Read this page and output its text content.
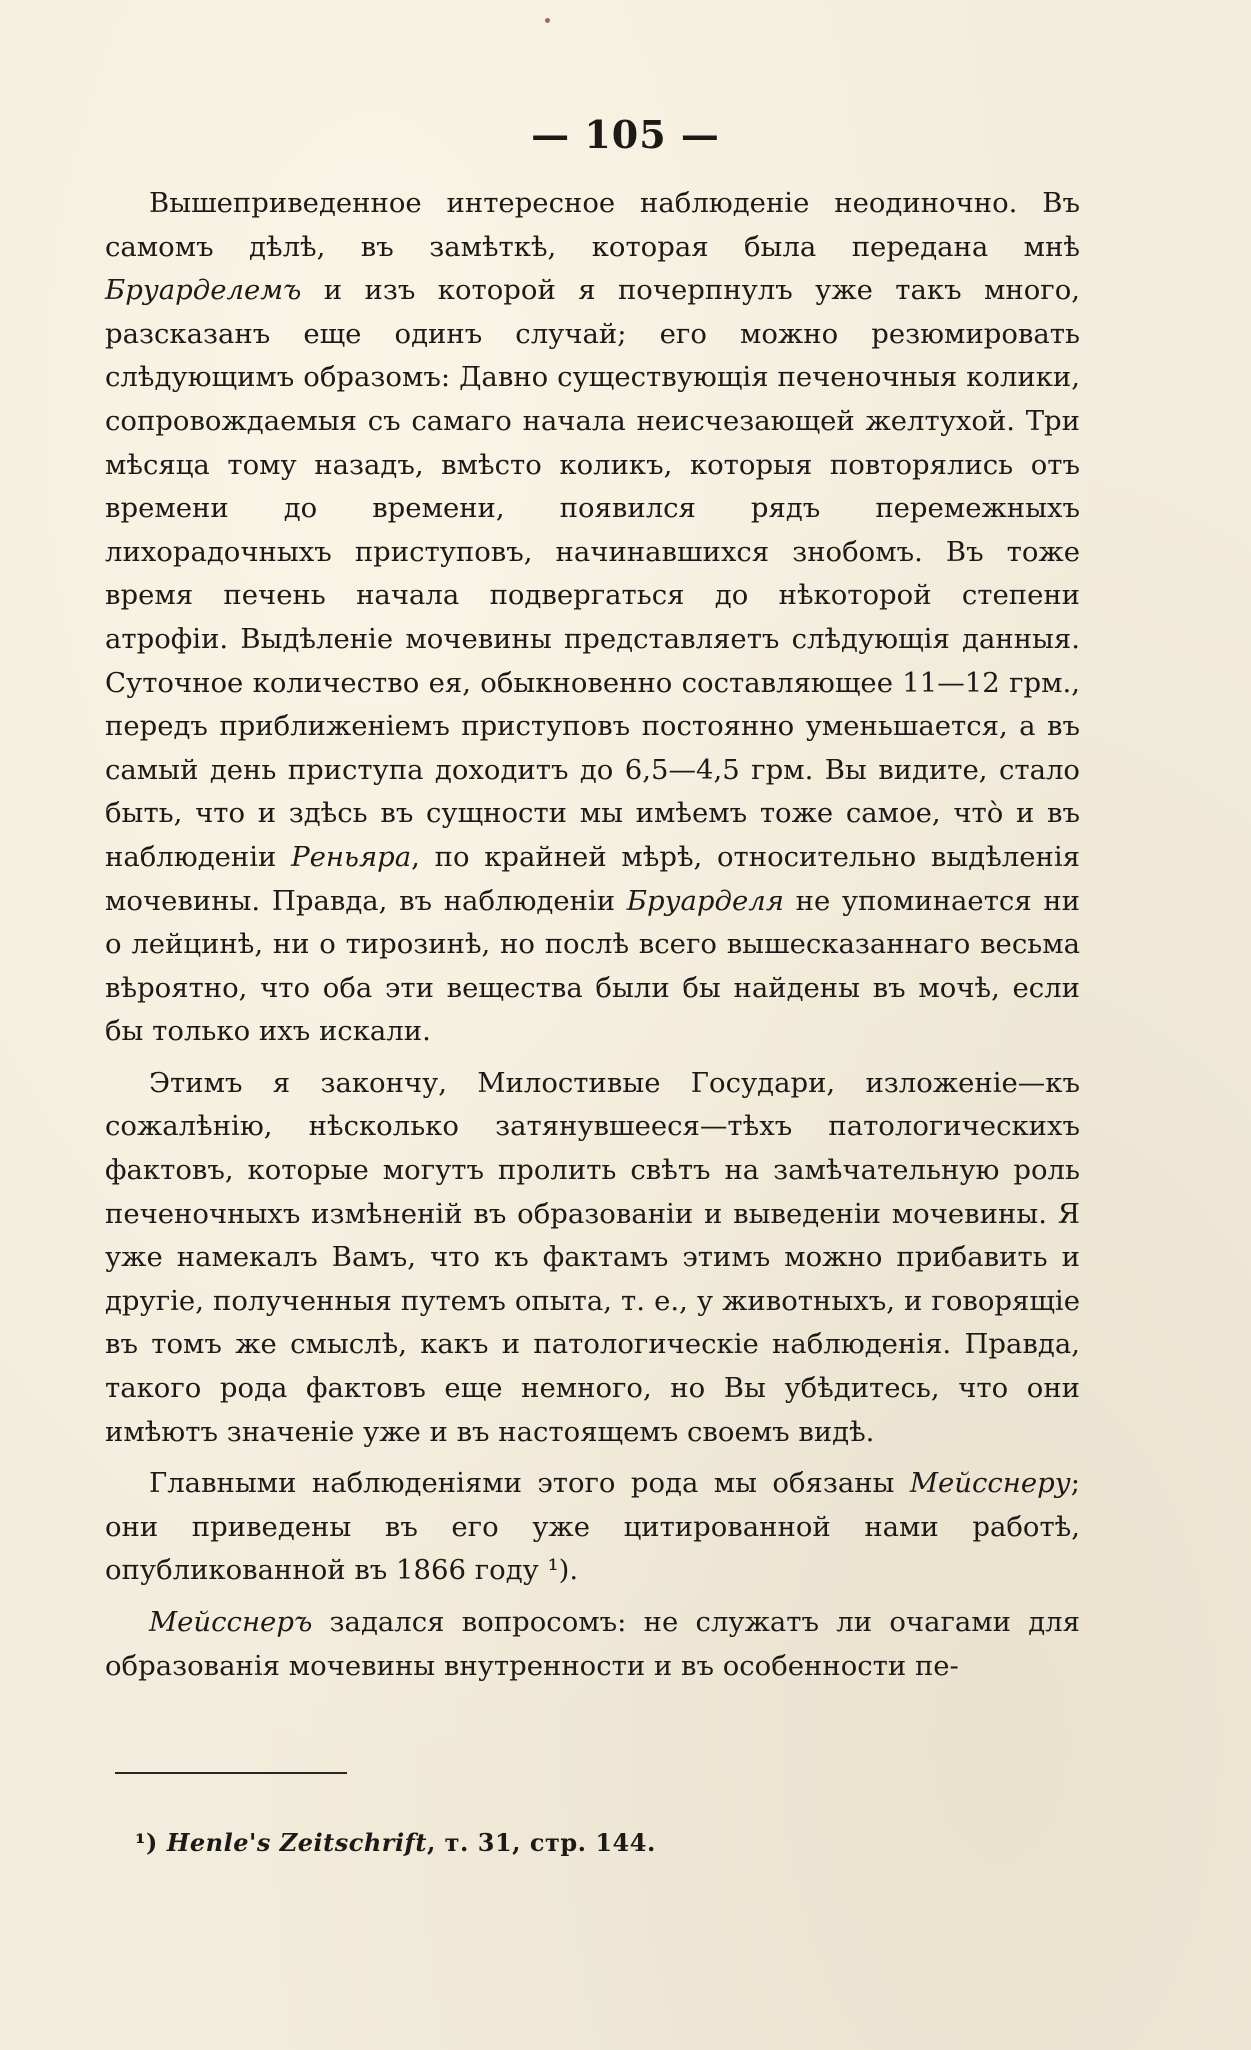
— 105 —

Вышеприведенное интересное наблюденіе неодиночно. Въ самомъ дѣлѣ, въ замѣткѣ, которая была передана мнѣ Бруарделемъ и изъ которой я почерпнулъ уже такъ много, разсказанъ еще одинъ случай; его можно резюмировать слѣдующимъ образомъ: Давно существующія печеночныя колики, сопровождаемыя съ самаго начала неисчезающей желтухой. Три мѣсяца тому назадъ, вмѣсто коликъ, которыя повторялись отъ времени до времени, появился рядъ перемежныхъ лихорадочныхъ приступовъ, начинавшихся знобомъ. Въ тоже время печень начала подвергаться до нѣкоторой степени атрофіи. Выдѣленіе мочевины представляетъ слѣдующія данныя. Суточное количество ея, обыкновенно составляющее 11—12 грм., передъ приближеніемъ приступовъ постоянно уменьшается, а въ самый день приступа доходитъ до 6,5—4,5 грм. Вы видите, стало быть, что и здѣсь въ сущности мы имѣемъ тоже самое, что̀ и въ наблюденіи Реньяра, по крайней мѣрѣ, относительно выдѣленія мочевины. Правда, въ наблюденіи Бруарделя не упоминается ни о лейцинѣ, ни о тирозинѣ, но послѣ всего вышесказаннаго весьма вѣроятно, что оба эти вещества были бы найдены въ мочѣ, если бы только ихъ искали.

Этимъ я закончу, Милостивые Государи, изложеніе—къ сожалѣнію, нѣсколько затянувшееся—тѣхъ патологическихъ фактовъ, которые могутъ пролить свѣтъ на замѣчательную роль печеночныхъ измѣненій въ образованіи и выведеніи мочевины. Я уже намекалъ Вамъ, что къ фактамъ этимъ можно прибавить и другіе, полученныя путемъ опыта, т. е., у животныхъ, и говорящіе въ томъ же смыслѣ, какъ и патологическіе наблюденія. Правда, такого рода фактовъ еще немного, но Вы убѣдитесь, что они имѣютъ значеніе уже и въ настоящемъ своемъ видѣ.

Главными наблюденіями этого рода мы обязаны Мейсснеру; они приведены въ его уже цитированной нами работѣ, опубликованной въ 1866 году ¹).

Мейсснеръ задался вопросомъ: не служатъ ли очагами для образованія мочевины внутренности и въ особенности пе-

¹) Henle's Zeitschrift, т. 31, стр. 144.
